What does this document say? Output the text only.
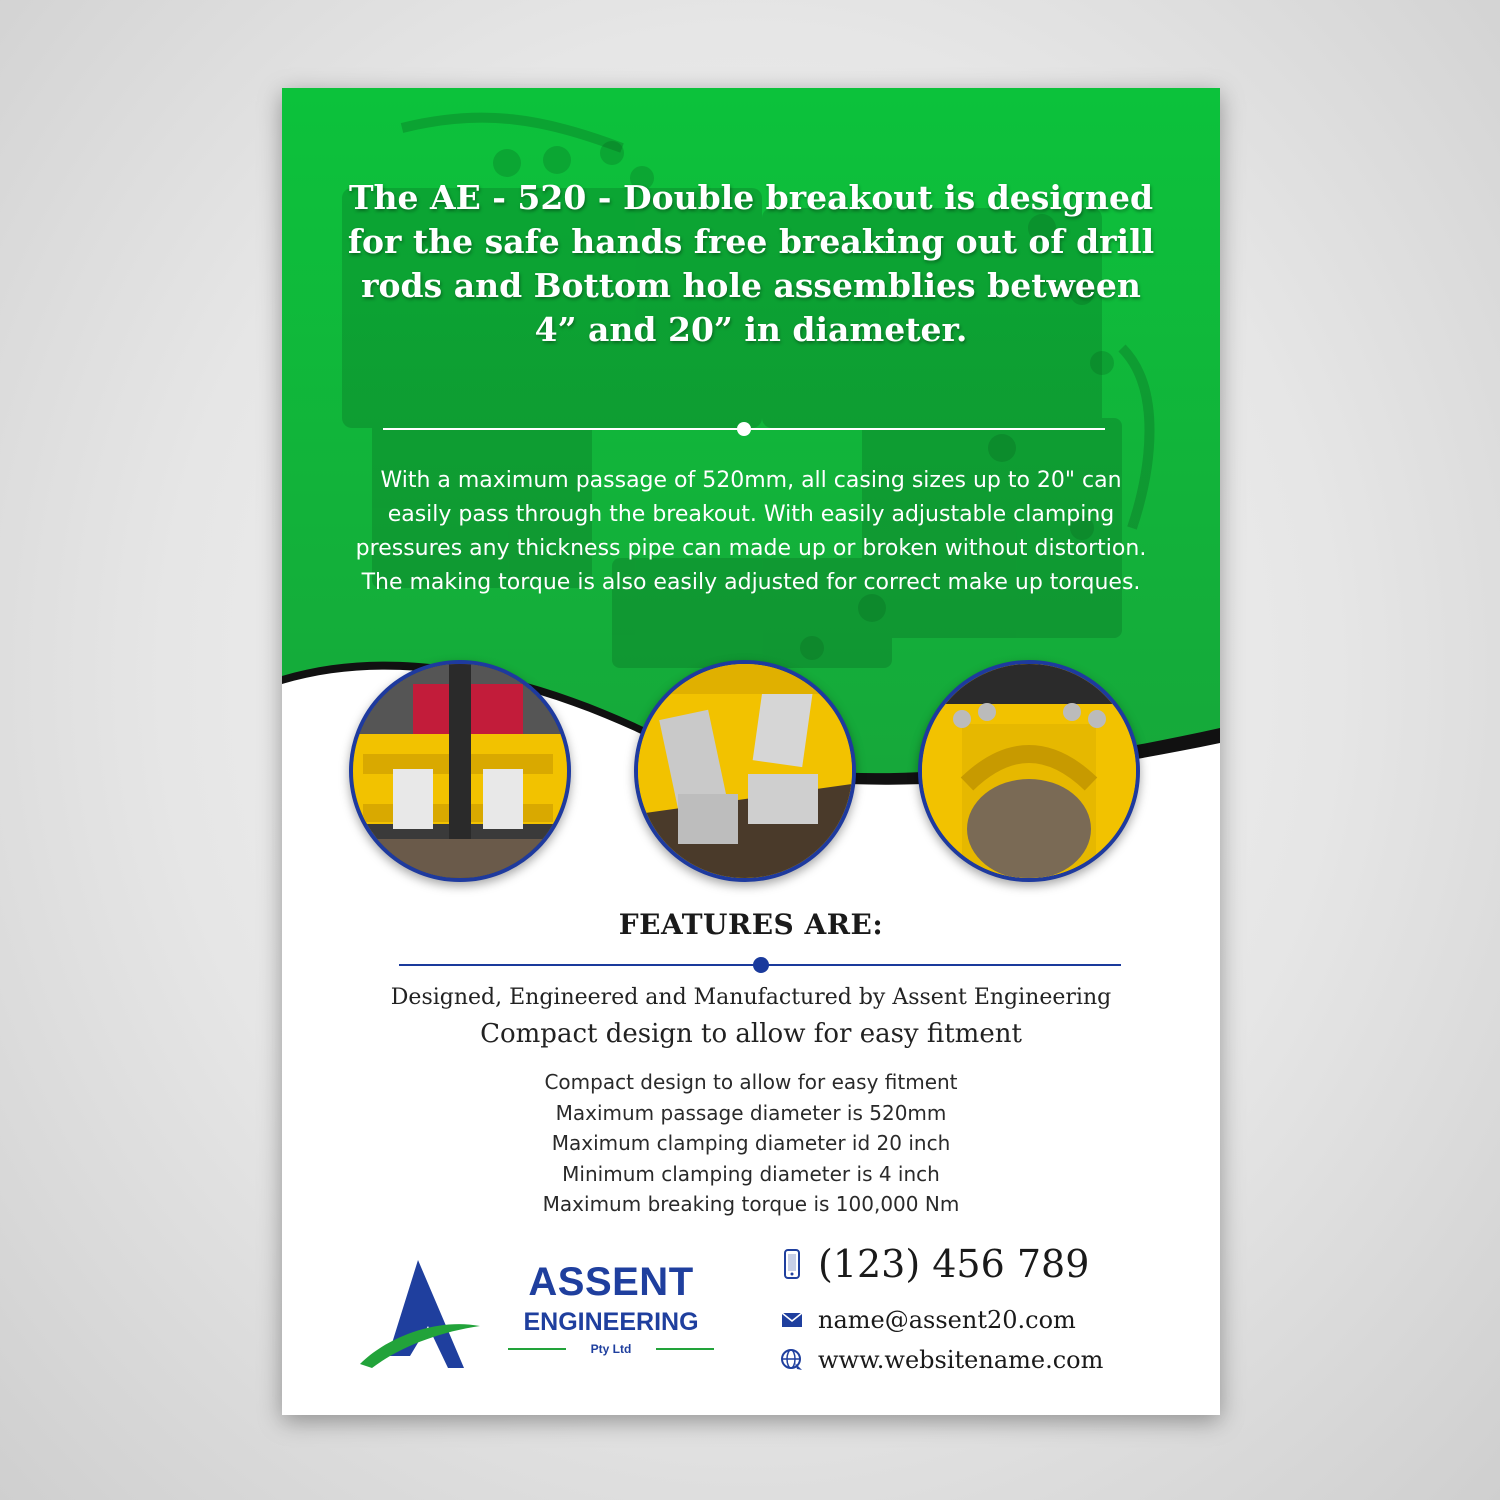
The AE - 520 - Double breakout is designed for the safe hands free breaking out of drill rods and Bottom hole assemblies between 4” and 20” in diameter.

With a maximum passage of 520mm, all casing sizes up to 20" can easily pass through the breakout. With easily adjustable clamping pressures any thickness pipe can made up or broken without distortion. The making torque is also easily adjusted for correct make up torques.

FEATURES ARE:

Designed, Engineered and Manufactured by Assent Engineering

Compact design to allow for easy fitment

Compact design to allow for easy fitment
Maximum passage diameter is 520mm
Maximum clamping diameter id 20 inch
Minimum clamping diameter is 4 inch
Maximum breaking torque is 100,000 Nm
ASSENT
ENGINEERING
Pty Ltd
(123) 456 789
name@assent20.com
www.websitename.com
